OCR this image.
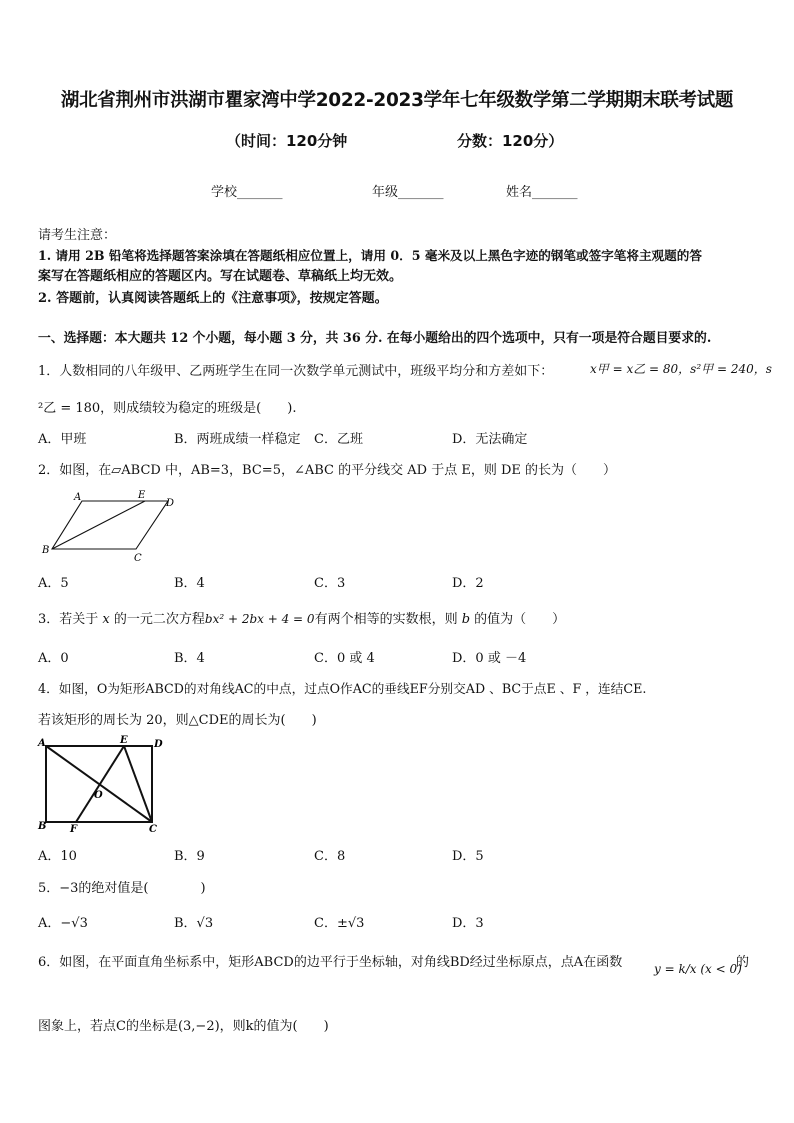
湖北省荆州市洪湖市瞿家湾中学2022-2023学年七年级数学第二学期期末联考试题
（时间：120分钟	分数：120分）
学校_______	年级_______	姓名_______
请考生注意：
1. 请用 2B 铅笔将选择题答案涂填在答题纸相应位置上，请用 0．5 毫米及以上黑色字迹的钢笔或签字笔将主观题的答
案写在答题纸相应的答题区内。写在试题卷、草稿纸上均无效。
2. 答题前，认真阅读答题纸上的《注意事项》，按规定答题。
一、选择题：本大题共 12 个小题，每小题 3 分，共 36 分. 在每小题给出的四个选项中，只有一项是符合题目要求的.
1．人数相同的八年级甲、乙两班学生在同一次数学单元测试中，班级平均分和方差如下：	x甲 = x乙 = 80，s²甲 = 240，s
²乙 = 180，则成绩较为稳定的班级是(　　).
A．甲班	B．两班成绩一样稳定 C．乙班	D．无法确定
2．如图，在▱ABCD 中，AB=3，BC=5，∠ABC 的平分线交 AD 于点 E，则 DE 的长为（　　）
A	E
D
B
C
A．5	B．4	C．3	D．2
3．若关于 x 的一元二次方程bx² + 2bx + 4 = 0有两个相等的实数根，则 b 的值为（　　）
A．0	B．4	C．0 或 4	D．0 或 －4
4．如图，O为矩形ABCD的对角线AC的中点，过点O作AC的垂线EF分别交AD 、BC于点E 、F ，连结CE.
若该矩形的周长为 20，则△CDE的周长为(　　)
A	E	D
O
B F	C
A．10	B．9	C．8	D．5
5．−3的绝对值是(　　　　)
A．−√3	B．√3	C．±√3	D．3
6．如图，在平面直角坐标系中，矩形ABCD的边平行于坐标轴，对角线BD经过坐标原点，点A在函数	y = k/x (x < 0)
的
图象上，若点C的坐标是(3,−2)，则k的值为(　　)
